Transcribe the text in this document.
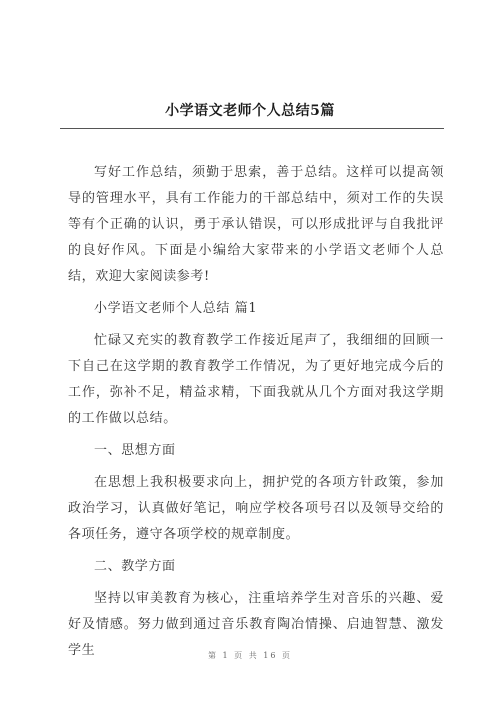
小学语文老师个人总结5篇

写好工作总结，须勤于思索，善于总结。这样可以提高领导的管理水平，具有工作能力的干部总结中，须对工作的失误等有个正确的认识，勇于承认错误，可以形成批评与自我批评的良好作风。下面是小编给大家带来的小学语文老师个人总结，欢迎大家阅读参考!

小学语文老师个人总结 篇1

忙碌又充实的教育教学工作接近尾声了，我细细的回顾一下自己在这学期的教育教学工作情况，为了更好地完成今后的工作，弥补不足，精益求精，下面我就从几个方面对我这学期的工作做以总结。

一、思想方面

在思想上我积极要求向上，拥护党的各项方针政策，参加政治学习，认真做好笔记，响应学校各项号召以及领导交给的各项任务，遵守各项学校的规章制度。

二、教学方面

坚持以审美教育为核心，注重培养学生对音乐的兴趣、爱好及情感。努力做到通过音乐教育陶冶情操、启迪智慧、激发学生	第 1 页 共 16 页
